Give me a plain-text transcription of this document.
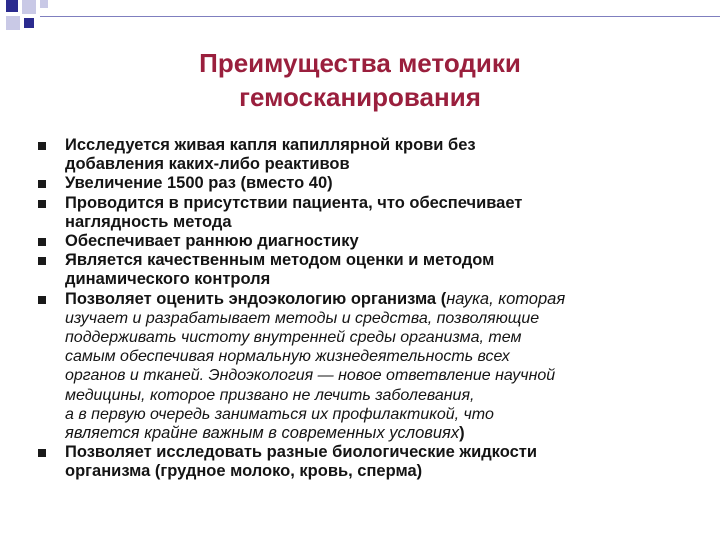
Преимущества методики
гемосканирования
Исследуется живая капля капиллярной крови без
добавления каких-либо реактивов
Увеличение 1500 раз (вместо 40)
Проводится в присутствии пациента, что обеспечивает
наглядность метода
Обеспечивает раннюю диагностику
Является качественным методом оценки и методом
динамического контроля
Позволяет оценить эндоэкологию организма (наука, которая
изучает и разрабатывает методы и средства, позволяющие
поддерживать чистоту внутренней среды организма, тем
самым обеспечивая нормальную жизнедеятельность всех
органов и тканей. Эндоэкология — новое ответвление научной
медицины, которое призвано не лечить заболевания,
а в первую очередь заниматься их профилактикой, что
является крайне важным в современных условиях)
Позволяет исследовать разные биологические жидкости
организма (грудное молоко, кровь, сперма)
